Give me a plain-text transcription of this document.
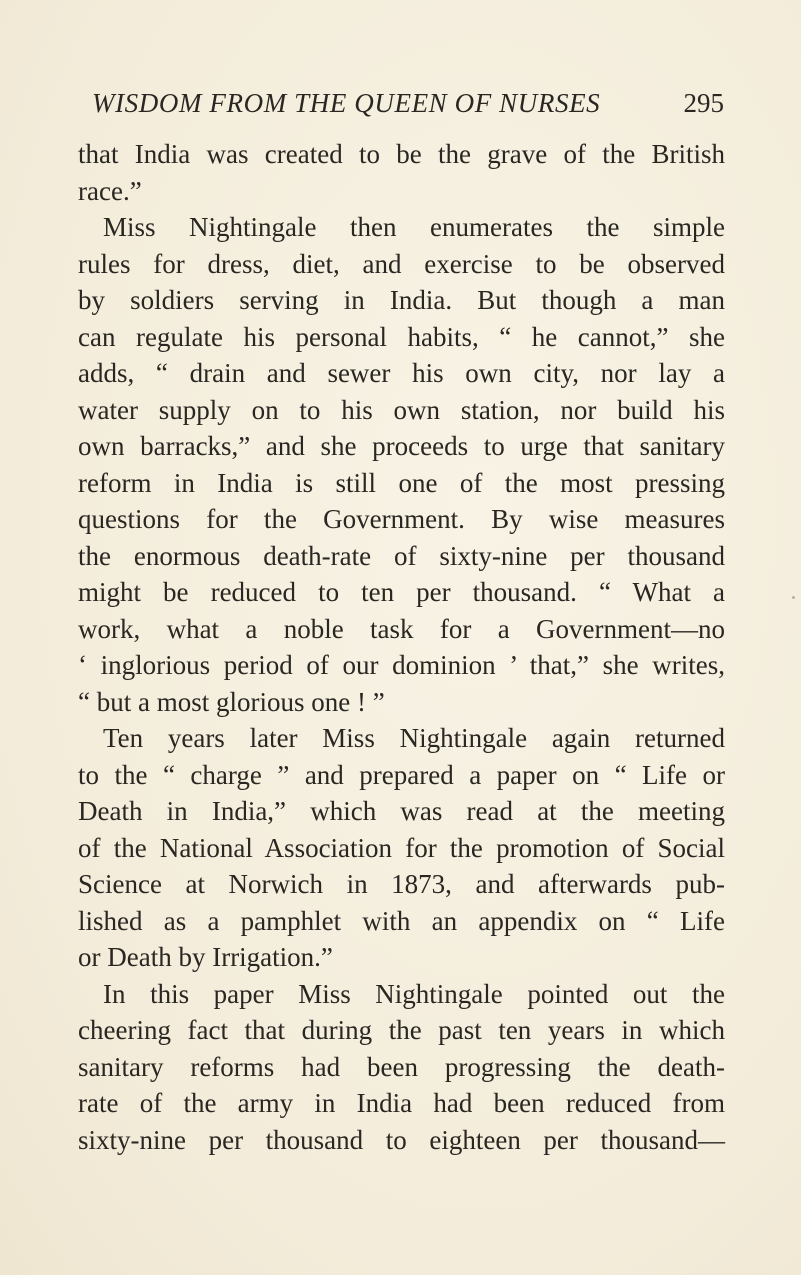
WISDOM FROM THE QUEEN OF NURSES	295
that India was created to be the grave of the British
race.”
Miss Nightingale then enumerates the simple
rules for dress, diet, and exercise to be observed
by soldiers serving in India. But though a man
can regulate his personal habits, “ he cannot,” she
adds, “ drain and sewer his own city, nor lay a
water supply on to his own station, nor build his
own barracks,” and she proceeds to urge that sanitary
reform in India is still one of the most pressing
questions for the Government. By wise measures
the enormous death-rate of sixty-nine per thousand
might be reduced to ten per thousand. “ What a
work, what a noble task for a Government—no
‘ inglorious period of our dominion ’ that,” she writes,
“ but a most glorious one ! ”
Ten years later Miss Nightingale again returned
to the “ charge ” and prepared a paper on “ Life or
Death in India,” which was read at the meeting
of the National Association for the promotion of Social
Science at Norwich in 1873, and afterwards pub-
lished as a pamphlet with an appendix on “ Life
or Death by Irrigation.”
In this paper Miss Nightingale pointed out the
cheering fact that during the past ten years in which
sanitary reforms had been progressing the death-
rate of the army in India had been reduced from
sixty-nine per thousand to eighteen per thousand—
